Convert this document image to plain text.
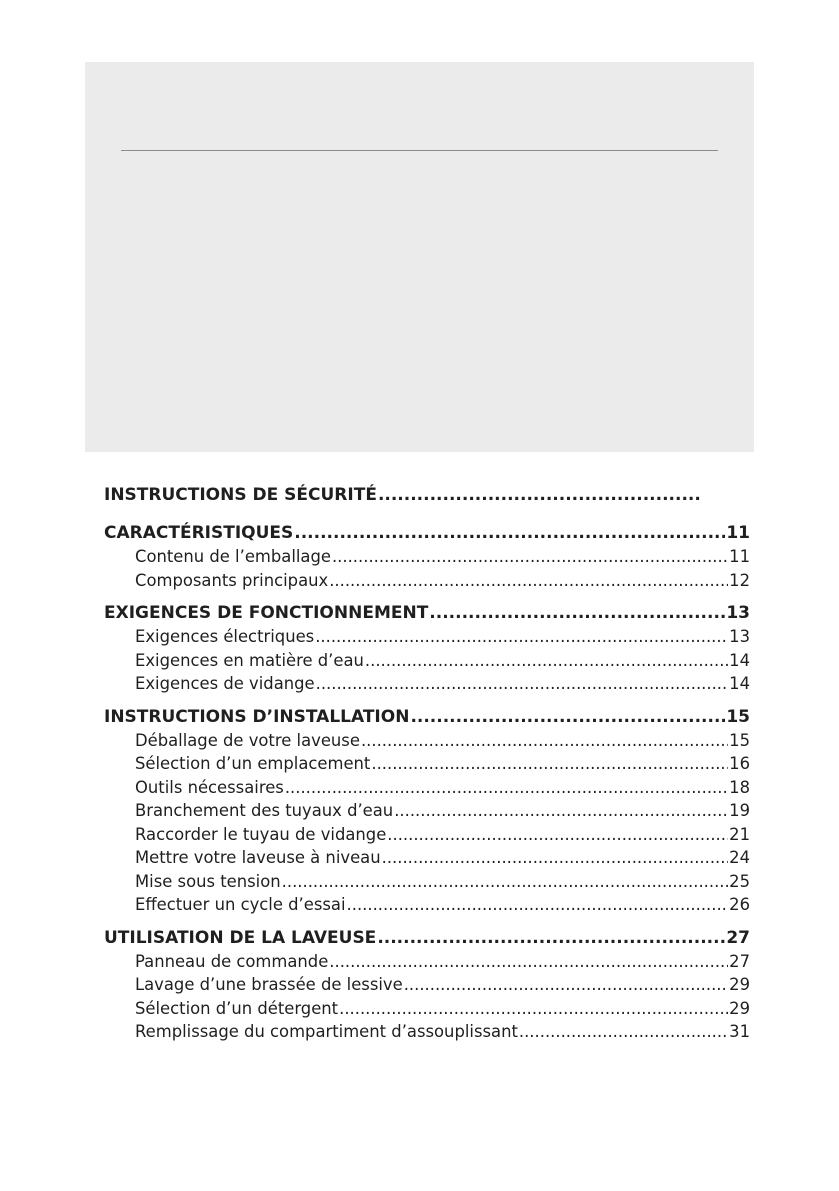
INSTRUCTIONS DE SÉCURITÉ
.....
CARACTÉRISTIQUES .....	11
Contenu de l’emballage .....	11
Composants principaux .....	12
EXIGENCES DE FONCTIONNEMENT .....	13
Exigences électriques .....	13
Exigences en matière d’eau .....	14
Exigences de vidange .....	14
INSTRUCTIONS D’INSTALLATION .....	15
Déballage de votre laveuse .....	15
Sélection d’un emplacement .....	16
Outils nécessaires .....	18
Branchement des tuyaux d’eau .....	19
Raccorder le tuyau de vidange .....	21
Mettre votre laveuse à niveau .....	24
Mise sous tension .....	25
Effectuer un cycle d’essai .....	26
UTILISATION DE LA LAVEUSE .....	27
Panneau de commande .....	27
Lavage d’une brassée de lessive .....	29
Sélection d’un détergent .....	29
Remplissage du compartiment d’assouplissant .....	31
